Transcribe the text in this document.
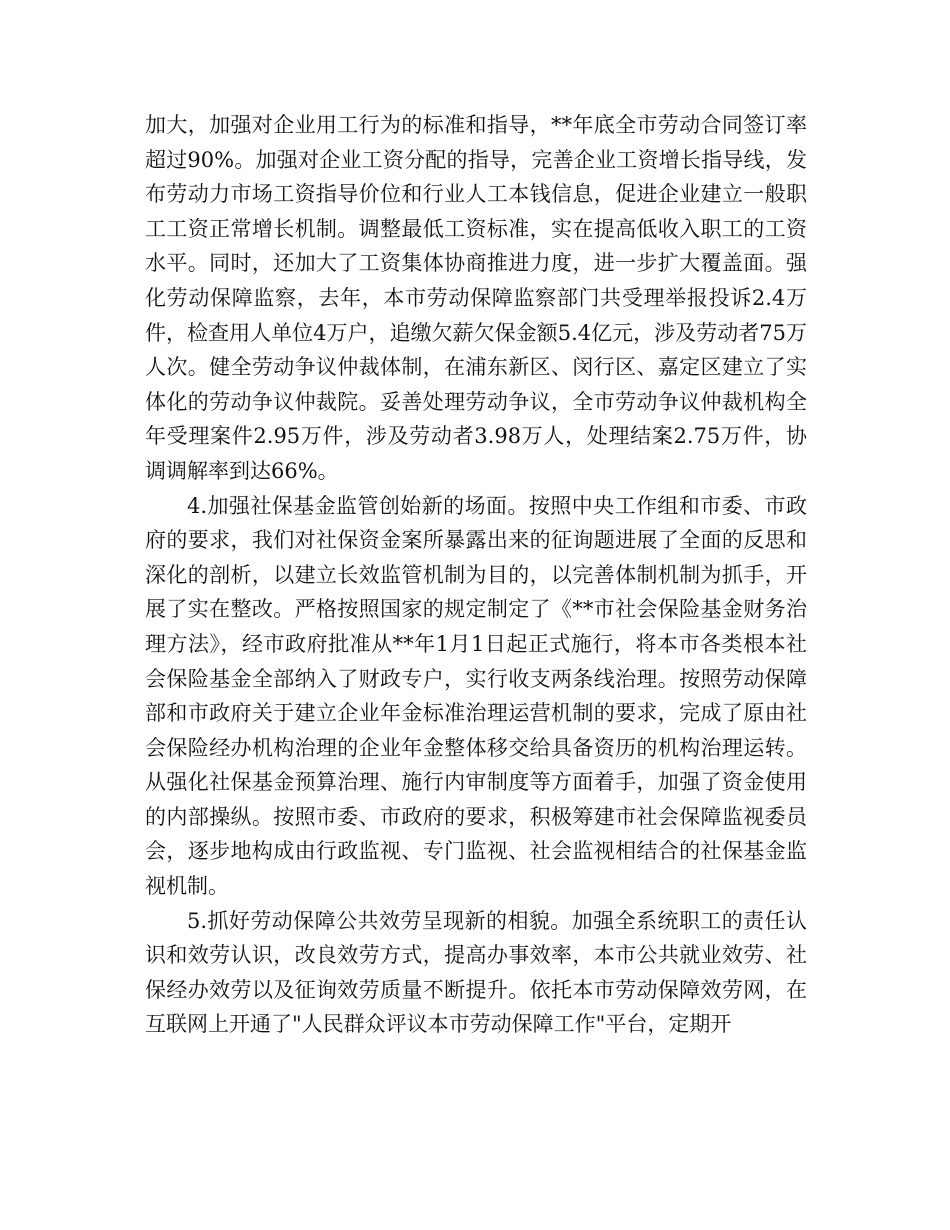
加大，加强对企业用工行为的标准和指导，**年底全市劳动合同签订率超过90%。加强对企业工资分配的指导，完善企业工资增长指导线，发布劳动力市场工资指导价位和行业人工本钱信息，促进企业建立一般职工工资正常增长机制。调整最低工资标准，实在提高低收入职工的工资水平。同时，还加大了工资集体协商推进力度，进一步扩大覆盖面。强化劳动保障监察，去年，本市劳动保障监察部门共受理举报投诉2.4万件，检查用人单位4万户，追缴欠薪欠保金额5.4亿元，涉及劳动者75万人次。健全劳动争议仲裁体制，在浦东新区、闵行区、嘉定区建立了实体化的劳动争议仲裁院。妥善处理劳动争议，全市劳动争议仲裁机构全年受理案件2.95万件，涉及劳动者3.98万人，处理结案2.75万件，协调调解率到达66%。

4.加强社保基金监管创始新的场面。按照中央工作组和市委、市政府的要求，我们对社保资金案所暴露出来的征询题进展了全面的反思和深化的剖析，以建立长效监管机制为目的，以完善体制机制为抓手，开展了实在整改。严格按照国家的规定制定了《**市社会保险基金财务治理方法》，经市政府批准从**年1月1日起正式施行，将本市各类根本社会保险基金全部纳入了财政专户，实行收支两条线治理。按照劳动保障部和市政府关于建立企业年金标准治理运营机制的要求，完成了原由社会保险经办机构治理的企业年金整体移交给具备资历的机构治理运转。从强化社保基金预算治理、施行内审制度等方面着手，加强了资金使用的内部操纵。按照市委、市政府的要求，积极筹建市社会保障监视委员会，逐步地构成由行政监视、专门监视、社会监视相结合的社保基金监视机制。

5.抓好劳动保障公共效劳呈现新的相貌。加强全系统职工的责任认识和效劳认识，改良效劳方式，提高办事效率，本市公共就业效劳、社保经办效劳以及征询效劳质量不断提升。依托本市劳动保障效劳网，在互联网上开通了"人民群众评议本市劳动保障工作"平台，定期开
